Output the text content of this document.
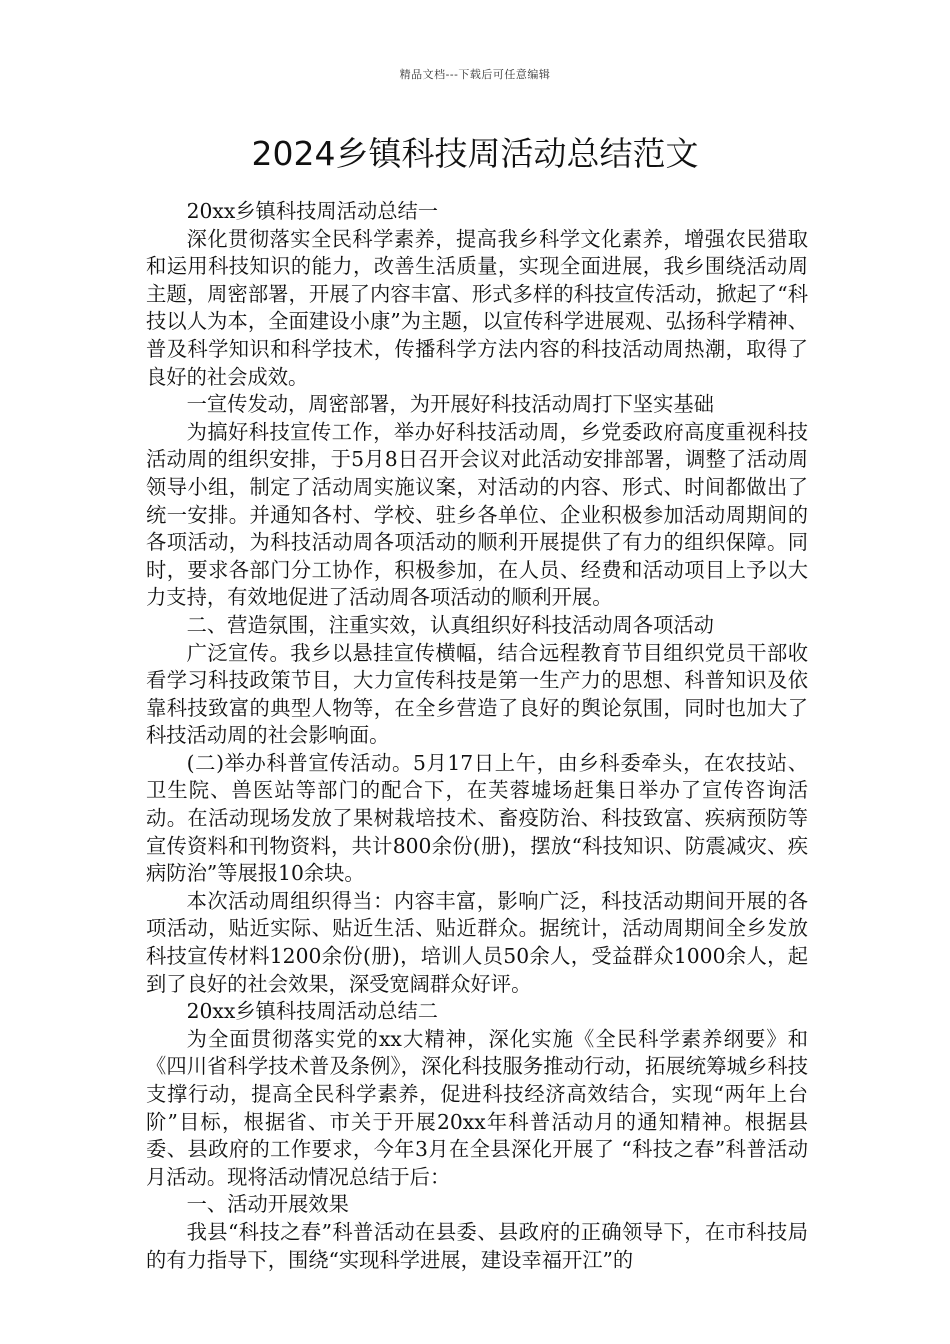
精品文档---下载后可任意编辑
2024乡镇科技周活动总结范文

20xx乡镇科技周活动总结一

深化贯彻落实全民科学素养，提高我乡科学文化素养，增强农民猎取和运用科技知识的能力，改善生活质量，实现全面进展，我乡围绕活动周主题，周密部署，开展了内容丰富、形式多样的科技宣传活动，掀起了“科技以人为本，全面建设小康”为主题，以宣传科学进展观、弘扬科学精神、普及科学知识和科学技术，传播科学方法内容的科技活动周热潮，取得了良好的社会成效。

一宣传发动，周密部署，为开展好科技活动周打下坚实基础

为搞好科技宣传工作，举办好科技活动周，乡党委政府高度重视科技活动周的组织安排，于5月8日召开会议对此活动安排部署，调整了活动周领导小组，制定了活动周实施议案，对活动的内容、形式、时间都做出了统一安排。并通知各村、学校、驻乡各单位、企业积极参加活动周期间的各项活动，为科技活动周各项活动的顺利开展提供了有力的组织保障。同时，要求各部门分工协作，积极参加，在人员、经费和活动项目上予以大力支持，有效地促进了活动周各项活动的顺利开展。

二、营造氛围，注重实效，认真组织好科技活动周各项活动

广泛宣传。我乡以悬挂宣传横幅，结合远程教育节目组织党员干部收看学习科技政策节目，大力宣传科技是第一生产力的思想、科普知识及依靠科技致富的典型人物等，在全乡营造了良好的舆论氛围，同时也加大了科技活动周的社会影响面。

(二)举办科普宣传活动。5月17日上午，由乡科委牵头，在农技站、卫生院、兽医站等部门的配合下，在芙蓉墟场赶集日举办了宣传咨询活动。在活动现场发放了果树栽培技术、畜疫防治、科技致富、疾病预防等宣传资料和刊物资料，共计800余份(册)，摆放“科技知识、防震减灾、疾病防治”等展报10余块。

本次活动周组织得当：内容丰富，影响广泛，科技活动期间开展的各项活动，贴近实际、贴近生活、贴近群众。据统计，活动周期间全乡发放科技宣传材料1200余份(册)，培训人员50余人，受益群众1000余人，起到了良好的社会效果，深受宽阔群众好评。

20xx乡镇科技周活动总结二

为全面贯彻落实党的xx大精神，深化实施《全民科学素养纲要》和《四川省科学技术普及条例》，深化科技服务推动行动，拓展统筹城乡科技支撑行动，提高全民科学素养，促进科技经济高效结合，实现“两年上台阶”目标，根据省、市关于开展20xx年科普活动月的通知精神。根据县委、县政府的工作要求，今年3月在全县深化开展了 “科技之春”科普活动月活动。现将活动情况总结于后：

一、活动开展效果

我县“科技之春”科普活动在县委、县政府的正确领导下，在市科技局的有力指导下，围绕“实现科学进展，建设幸福开江”的
